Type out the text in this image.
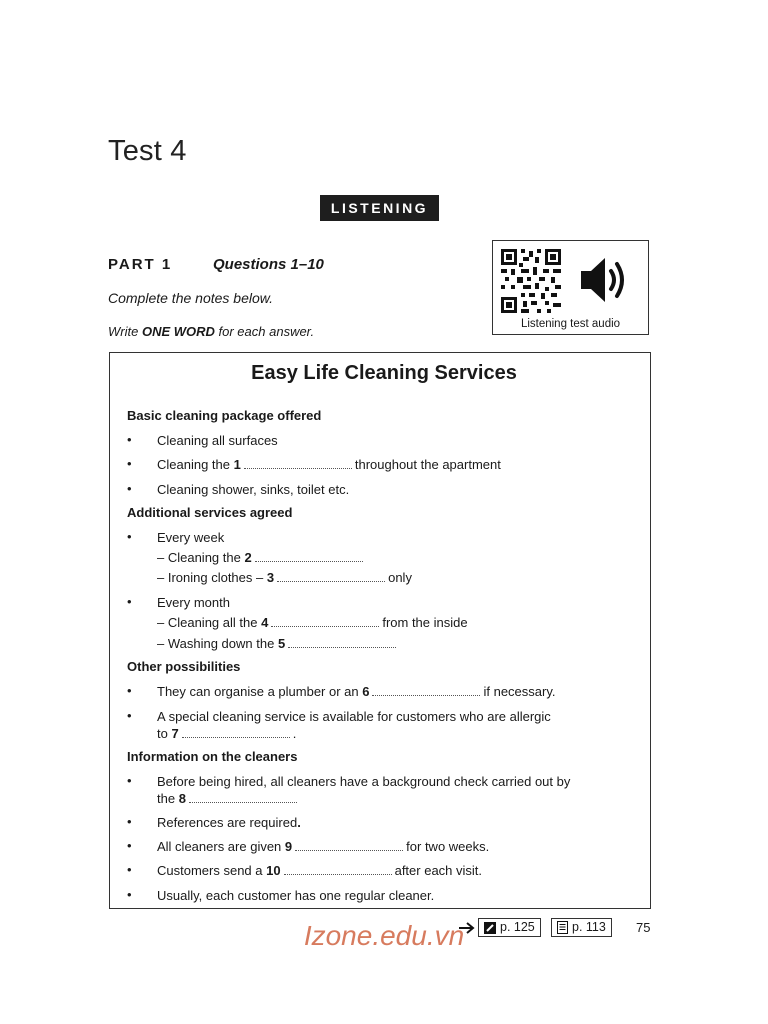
Test 4
LISTENING
PART 1	Questions 1–10
Complete the notes below.
Write ONE WORD for each answer.	Listening test audio
Easy Life Cleaning Services
Basic cleaning package offered
• Cleaning all surfaces
• Cleaning the 1	throughout the apartment
• Cleaning shower, sinks, toilet etc.
Additional services agreed
• Every week
– Cleaning the 2
– Ironing clothes – 3	only
• Every month
– Cleaning all the 4	from the inside
– Washing down the 5
Other possibilities
• They can organise a plumber or an 6	if necessary.
• A special cleaning service is available for customers who are allergic
to 7	.
Information on the cleaners
• Before being hired, all cleaners have a background check carried out by
the 8
• References are required.
• All cleaners are given 9	for two weeks.
• Customers send a 10	after each visit.
• Usually, each customer has one regular cleaner.
Izone.edu.vn	p. 125	p. 113 75
